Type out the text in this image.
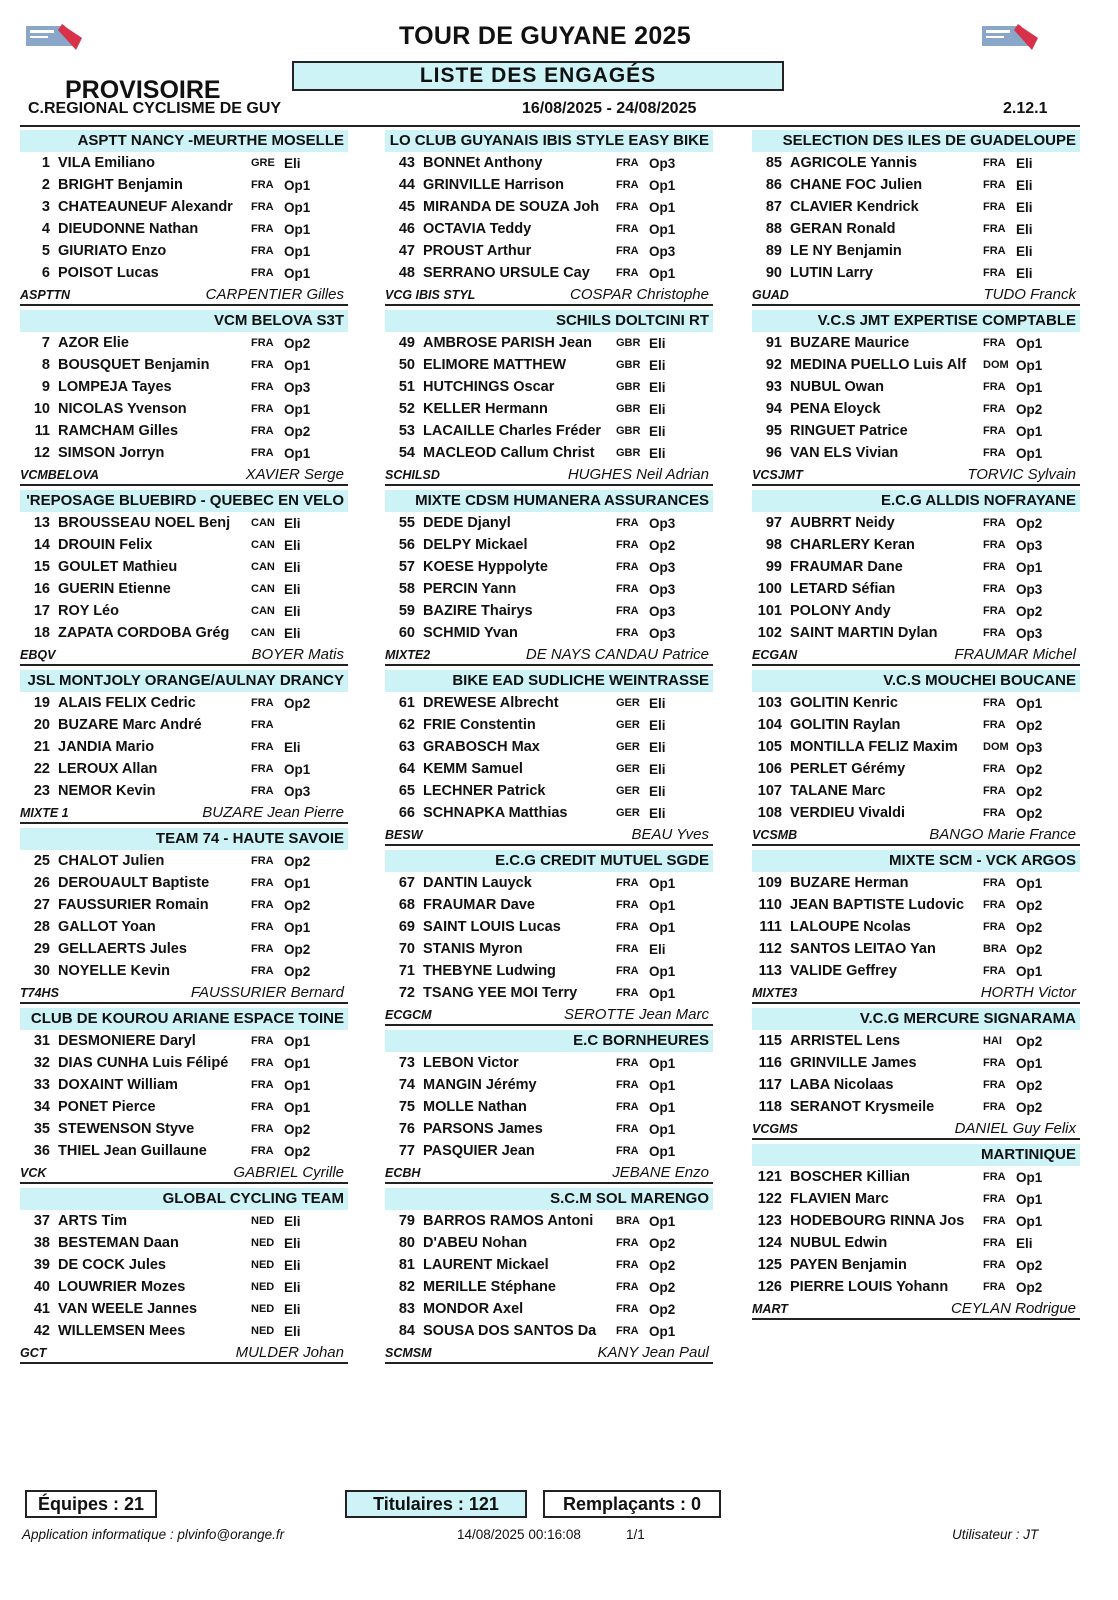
TOUR DE GUYANE 2025
LISTE DES ENGAGÉS
PROVISOIRE
C.REGIONAL CYCLISME DE GUY	16/08/2025 - 24/08/2025	2.12.1
ASPTT NANCY -MEURTHE MOSELLE
1 VILA Emiliano	GRE Eli
2 BRIGHT Benjamin	FRA Op1
3 CHATEAUNEUF Alexandr	FRA Op1
4 DIEUDONNE Nathan	FRA Op1
5 GIURIATO Enzo	FRA Op1
6 POISOT Lucas	FRA Op1
ASPTTN	CARPENTIER Gilles
VCM BELOVA S3T
7 AZOR Elie	FRA Op2
8 BOUSQUET Benjamin	FRA Op1
9 LOMPEJA Tayes	FRA Op3
10 NICOLAS Yvenson	FRA Op1
11 RAMCHAM Gilles	FRA Op2
12 SIMSON Jorryn	FRA Op1
VCMBELOVA	XAVIER Serge
'REPOSAGE BLUEBIRD - QUEBEC EN VELO
13 BROUSSEAU NOEL Benj	CAN Eli
14 DROUIN Felix	CAN Eli
15 GOULET Mathieu	CAN Eli
16 GUERIN Etienne	CAN Eli
17 ROY Léo	CAN Eli
18 ZAPATA CORDOBA Grég	CAN Eli
EBQV	BOYER Matis
JSL MONTJOLY ORANGE/AULNAY DRANCY
19 ALAIS FELIX Cedric	FRA Op2
20 BUZARE Marc André	FRA
21 JANDIA Mario	FRA Eli
22 LEROUX Allan	FRA Op1
23 NEMOR Kevin	FRA Op3
MIXTE 1	BUZARE Jean Pierre
TEAM 74 - HAUTE SAVOIE
25 CHALOT Julien	FRA Op2
26 DEROUAULT Baptiste	FRA Op1
27 FAUSSURIER Romain	FRA Op2
28 GALLOT Yoan	FRA Op1
29 GELLAERTS Jules	FRA Op2
30 NOYELLE Kevin	FRA Op2
T74HS	FAUSSURIER Bernard
CLUB DE KOUROU ARIANE ESPACE TOINE
31 DESMONIERE Daryl	FRA Op1
32 DIAS CUNHA Luis Félipé	FRA Op1
33 DOXAINT William	FRA Op1
34 PONET Pierce	FRA Op1
35 STEWENSON Styve	FRA Op2
36 THIEL Jean Guillaune	FRA Op2
VCK	GABRIEL Cyrille
GLOBAL CYCLING TEAM
37 ARTS Tim	NED Eli
38 BESTEMAN Daan	NED Eli
39 DE COCK Jules	NED Eli
40 LOUWRIER Mozes	NED Eli
41 VAN WEELE Jannes	NED Eli
42 WILLEMSEN Mees	NED Eli
GCT	MULDER Johan
LO CLUB GUYANAIS IBIS STYLE EASY BIKE
43 BONNEt Anthony	FRA Op3
44 GRINVILLE Harrison	FRA Op1
45 MIRANDA DE SOUZA Joh	FRA Op1
46 OCTAVIA Teddy	FRA Op1
47 PROUST Arthur	FRA Op3
48 SERRANO URSULE Cay	FRA Op1
VCG IBIS STYL	COSPAR Christophe
SCHILS DOLTCINI RT
49 AMBROSE PARISH Jean	GBR Eli
50 ELIMORE MATTHEW	GBR Eli
51 HUTCHINGS Oscar	GBR Eli
52 KELLER Hermann	GBR Eli
53 LACAILLE Charles Fréder	GBR Eli
54 MACLEOD Callum Christ	GBR Eli
SCHILSD	HUGHES Neil Adrian
MIXTE CDSM HUMANERA ASSURANCES
55 DEDE Djanyl	FRA Op3
56 DELPY Mickael	FRA Op2
57 KOESE Hyppolyte	FRA Op3
58 PERCIN Yann	FRA Op3
59 BAZIRE Thairys	FRA Op3
60 SCHMID Yvan	FRA Op3
MIXTE2	DE NAYS CANDAU Patrice
BIKE EAD SUDLICHE WEINTRASSE
61 DREWESE Albrecht	GER Eli
62 FRIE Constentin	GER Eli
63 GRABOSCH Max	GER Eli
64 KEMM Samuel	GER Eli
65 LECHNER Patrick	GER Eli
66 SCHNAPKA Matthias	GER Eli
BESW	BEAU Yves
E.C.G CREDIT MUTUEL SGDE
67 DANTIN Lauyck	FRA Op1
68 FRAUMAR Dave	FRA Op1
69 SAINT LOUIS Lucas	FRA Op1
70 STANIS Myron	FRA Eli
71 THEBYNE Ludwing	FRA Op1
72 TSANG YEE MOI Terry	FRA Op1
ECGCM	SEROTTE Jean Marc
E.C BORNHEURES
73 LEBON Victor	FRA Op1
74 MANGIN Jérémy	FRA Op1
75 MOLLE Nathan	FRA Op1
76 PARSONS James	FRA Op1
77 PASQUIER Jean	FRA Op1
ECBH	JEBANE Enzo
S.C.M SOL MARENGO
79 BARROS RAMOS Antoni	BRA Op1
80 D'ABEU Nohan	FRA Op2
81 LAURENT Mickael	FRA Op2
82 MERILLE Stéphane	FRA Op2
83 MONDOR Axel	FRA Op2
84 SOUSA DOS SANTOS Da	FRA Op1
SCMSM	KANY Jean Paul
SELECTION DES ILES DE GUADELOUPE
85 AGRICOLE Yannis	FRA Eli
86 CHANE FOC Julien	FRA Eli
87 CLAVIER Kendrick	FRA Eli
88 GERAN Ronald	FRA Eli
89 LE NY Benjamin	FRA Eli
90 LUTIN Larry	FRA Eli
GUAD	TUDO Franck
V.C.S JMT EXPERTISE COMPTABLE
91 BUZARE Maurice	FRA Op1
92 MEDINA PUELLO Luis Alf	DOM Op1
93 NUBUL Owan	FRA Op1
94 PENA Eloyck	FRA Op2
95 RINGUET Patrice	FRA Op1
96 VAN ELS Vivian	FRA Op1
VCSJMT	TORVIC Sylvain
E.C.G ALLDIS NOFRAYANE
97 AUBRRT Neidy	FRA Op2
98 CHARLERY Keran	FRA Op3
99 FRAUMAR Dane	FRA Op1
100 LETARD Séfian	FRA Op3
101 POLONY Andy	FRA Op2
102 SAINT MARTIN Dylan	FRA Op3
ECGAN	FRAUMAR Michel
V.C.S MOUCHEI BOUCANE
103 GOLITIN Kenric	FRA Op1
104 GOLITIN Raylan	FRA Op2
105 MONTILLA FELIZ Maxim	DOM Op3
106 PERLET Gérémy	FRA Op2
107 TALANE Marc	FRA Op2
108 VERDIEU Vivaldi	FRA Op2
VCSMB	BANGO Marie France
MIXTE SCM - VCK ARGOS
109 BUZARE Herman	FRA Op1
110 JEAN BAPTISTE Ludovic	FRA Op2
111 LALOUPE Ncolas	FRA Op2
112 SANTOS LEITAO Yan	BRA Op2
113 VALIDE Geffrey	FRA Op1
MIXTE3	HORTH Victor
V.C.G MERCURE SIGNARAMA
115 ARRISTEL Lens	HAI	Op2
116 GRINVILLE James	FRA Op1
117 LABA Nicolaas	FRA Op2
118 SERANOT Krysmeile	FRA Op2
VCGMS	DANIEL Guy Felix
MARTINIQUE
121 BOSCHER Killian	FRA Op1
122 FLAVIEN Marc	FRA Op1
123 HODEBOURG RINNA Jos	FRA Op1
124 NUBUL Edwin	FRA Eli
125 PAYEN Benjamin	FRA Op2
126 PIERRE LOUIS Yohann	FRA Op2
MART	CEYLAN Rodrigue
Équipes : 21	Titulaires : 121	Remplaçants : 0
Application informatique : plvinfo@orange.fr	14/08/2025 00:16:08	1/1	Utilisateur : JT
